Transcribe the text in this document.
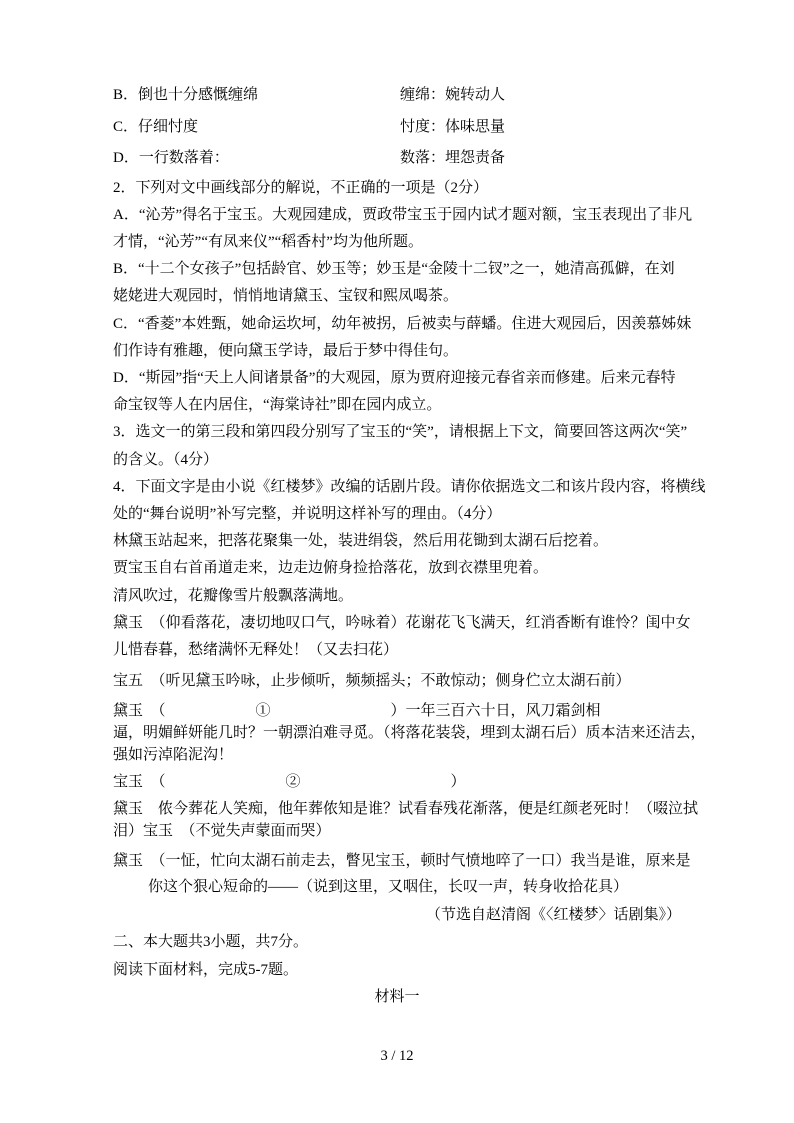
B．倒也十分感慨缠绵	缠绵：婉转动人
C．仔细忖度	忖度：体味思量
D．一行数落着：	数落：埋怨责备
2．下列对文中画线部分的解说，不正确的一项是（2分）
A．“沁芳”得名于宝玉。大观园建成，贾政带宝玉于园内试才题对额，宝玉表现出了非凡
才情，“沁芳”“有凤来仪”“稻香村”均为他所题。
B．“十二个女孩子”包括龄官、妙玉等；妙玉是“金陵十二钗”之一，她清高孤僻，在刘
姥姥进大观园时，悄悄地请黛玉、宝钗和熙凤喝茶。
C．“香菱”本姓甄，她命运坎坷，幼年被拐，后被卖与薛蟠。住进大观园后，因羡慕姊妹
们作诗有雅趣，便向黛玉学诗，最后于梦中得佳句。
D．“斯园”指“天上人间诸景备”的大观园，原为贾府迎接元春省亲而修建。后来元春特
命宝钗等人在内居住，“海棠诗社”即在园内成立。
3．选文一的第三段和第四段分别写了宝玉的“笑”，请根据上下文，简要回答这两次“笑”
的含义。（4分）
4．下面文字是由小说《红楼梦》改编的话剧片段。请你依据选文二和该片段内容，将横线
处的“舞台说明”补写完整，并说明这样补写的理由。（4分）
林黛玉站起来，把落花聚集一处，装进绢袋，然后用花锄到太湖石后挖着。
贾宝玉自右首甬道走来，边走边俯身捡拾落花，放到衣襟里兜着。
清风吹过，花瓣像雪片般飘落满地。
黛玉　（仰看落花，凄切地叹口气，吟咏着）花谢花飞飞满天，红消香断有谁怜？闺中女
儿惜春暮，愁绪满怀无释处！（又去扫花）
宝五　（听见黛玉吟咏，止步倾听，频频摇头；不敢惊动；侧身伫立太湖石前）
黛玉　（　　　　　　①　　　　　　　　）一年三百六十日，风刀霜剑相
逼，明媚鲜妍能几时？一朝漂泊难寻觅。（将落花装袋，埋到太湖石后）质本洁来还洁去，
强如污淖陷泥沟！
宝玉　（　　　　　　　　②　　　　　　　　　　）
黛玉　侬今葬花人笑痴，他年葬侬知是谁？试看春残花渐落，便是红颜老死时！（啜泣拭
泪）宝玉　（不觉失声蒙面而哭）
黛玉　（一怔，忙向太湖石前走去，瞥见宝玉，顿时气愤地啐了一口）我当是谁，原来是
你这个狠心短命的——（说到这里，又咽住，长叹一声，转身收拾花具）
（节选自赵清阁《〈红楼梦〉话剧集》）
二、本大题共3小题，共7分。
阅读下面材料，完成5-7题。
材料一
3 / 12
